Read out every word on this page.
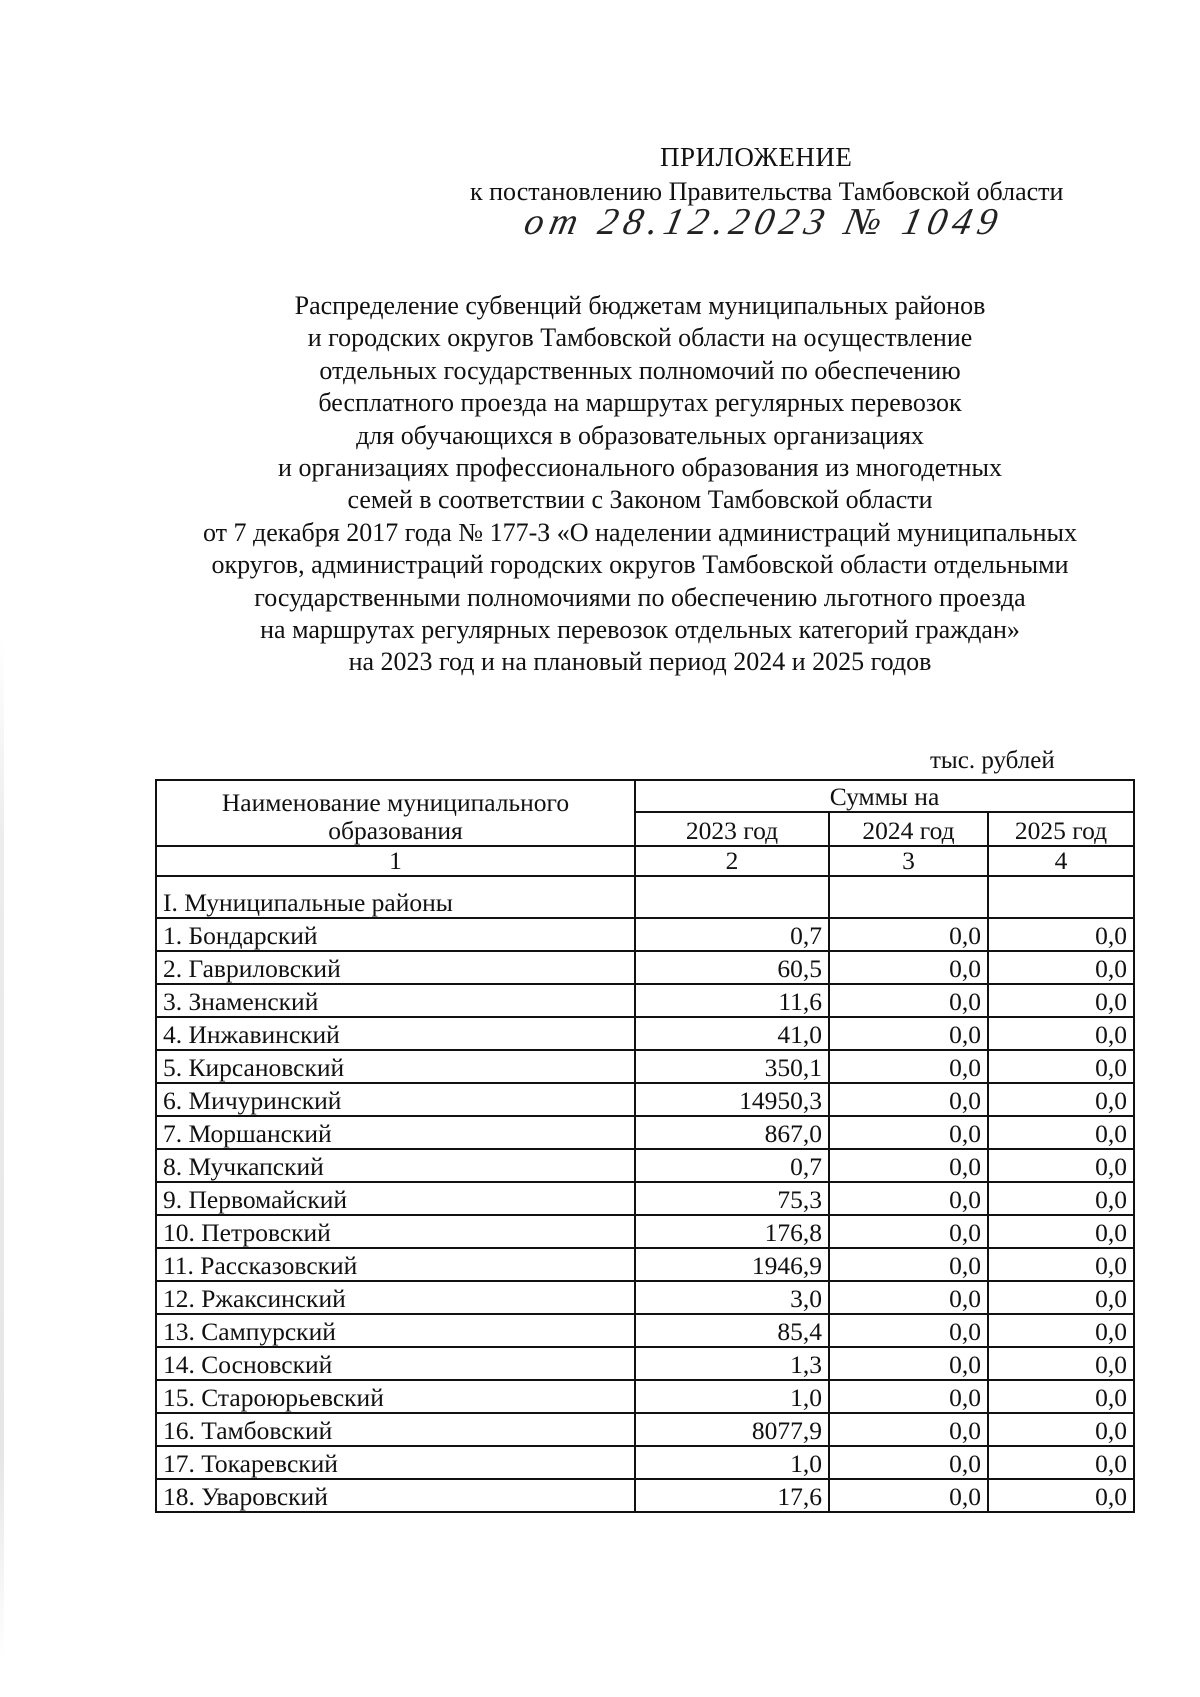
ПРИЛОЖЕНИЕ
к постановлению Правительства Тамбовской области
от 28.12.2023 № 1049
Распределение субвенций бюджетам муниципальных районов
и городских округов Тамбовской области на осуществление
отдельных государственных полномочий по обеспечению
бесплатного проезда на маршрутах регулярных перевозок
для обучающихся в образовательных организациях
и организациях профессионального образования из многодетных
семей в соответствии с Законом Тамбовской области
от 7 декабря 2017 года № 177-З «О наделении администраций муниципальных
округов, администраций городских округов Тамбовской области отдельными
государственными полномочиями по обеспечению льготного проезда
на маршрутах регулярных перевозок отдельных категорий граждан»
на 2023 год и на плановый период 2024 и 2025 годов
тыс. рублей
Наименование муниципального
образования	Суммы на		
	2023 год	2024 год	2025 год
1	2	3	4
I. Муниципальные районы			
1. Бондарский	0,7	0,0	0,0
2. Гавриловский	60,5	0,0	0,0
3. Знаменский	11,6	0,0	0,0
4. Инжавинский	41,0	0,0	0,0
5. Кирсановский	350,1	0,0	0,0
6. Мичуринский	14950,3	0,0	0,0
7. Моршанский	867,0	0,0	0,0
8. Мучкапский	0,7	0,0	0,0
9. Первомайский	75,3	0,0	0,0
10. Петровский	176,8	0,0	0,0
11. Рассказовский	1946,9	0,0	0,0
12. Ржаксинский	3,0	0,0	0,0
13. Сампурский	85,4	0,0	0,0
14. Сосновский	1,3	0,0	0,0
15. Староюрьевский	1,0	0,0	0,0
16. Тамбовский	8077,9	0,0	0,0
17. Токаревский	1,0	0,0	0,0
18. Уваровский	17,6	0,0	0,0
